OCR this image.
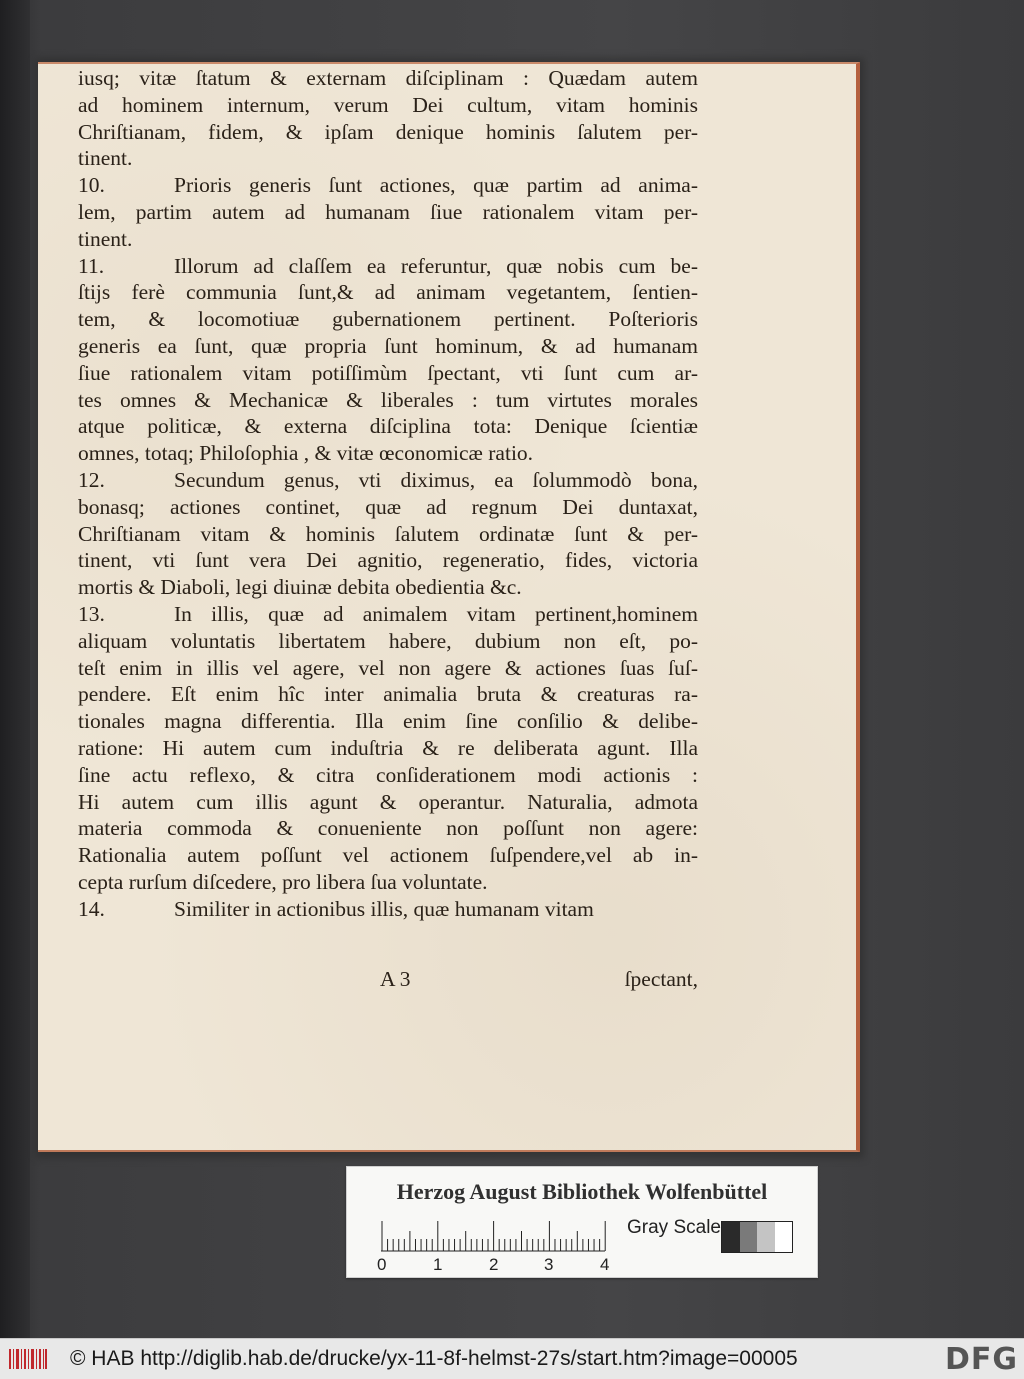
iusq; vitæ ſtatum & externam diſciplinam : Quædam autem
ad hominem internum, verum Dei cultum, vitam hominis
Chriſtianam, fidem, & ipſam denique hominis ſalutem per-
tinent.
10.	Prioris generis ſunt actiones, quæ partim ad anima-
lem, partim autem ad humanam ſiue rationalem vitam per-
tinent.
11.	Illorum ad claſſem ea referuntur, quæ nobis cum be-
ſtijs ferè communia ſunt,& ad animam vegetantem, ſentien-
tem, & locomotiuæ gubernationem pertinent. Poſterioris
generis ea ſunt, quæ propria ſunt hominum, & ad humanam
ſiue rationalem vitam potiſſimùm ſpectant, vti ſunt cum ar-
tes omnes & Mechanicæ & liberales : tum virtutes morales
atque politicæ, & externa diſciplina tota: Denique ſcientiæ
omnes, totaq; Philoſophia , & vitæ œconomicæ ratio.
12.	Secundum genus, vti diximus, ea ſolummodò bona,
bonasq; actiones continet, quæ ad regnum Dei duntaxat,
Chriſtianam vitam & hominis ſalutem ordinatæ ſunt & per-
tinent, vti ſunt vera Dei agnitio, regeneratio, fides, victoria
mortis & Diaboli, legi diuinæ debita obedientia &c.
13.	In illis, quæ ad animalem vitam pertinent,hominem
aliquam voluntatis libertatem habere, dubium non eſt, po-
teſt enim in illis vel agere, vel non agere & actiones ſuas ſuſ-
pendere. Eſt enim hîc inter animalia bruta & creaturas ra-
tionales magna differentia. Illa enim ſine conſilio & delibe-
ratione: Hi autem cum induſtria & re deliberata agunt. Illa
ſine actu reflexo, & citra conſiderationem modi actionis :
Hi autem cum illis agunt & operantur. Naturalia, admota
materia commoda & conueniente non poſſunt non agere:
Rationalia autem poſſunt vel actionem ſuſpendere,vel ab in-
cepta rurſum diſcedere, pro libera ſua voluntate.
14.	Similiter in actionibus illis, quæ humanam vitam
A 3	ſpectant,
Herzog August Bibliothek Wolfenbüttel
0	1	2	3	4
Gray Scale
© HAB http://diglib.hab.de/drucke/yx-11-8f-helmst-27s/start.htm?image=00005	DFG
